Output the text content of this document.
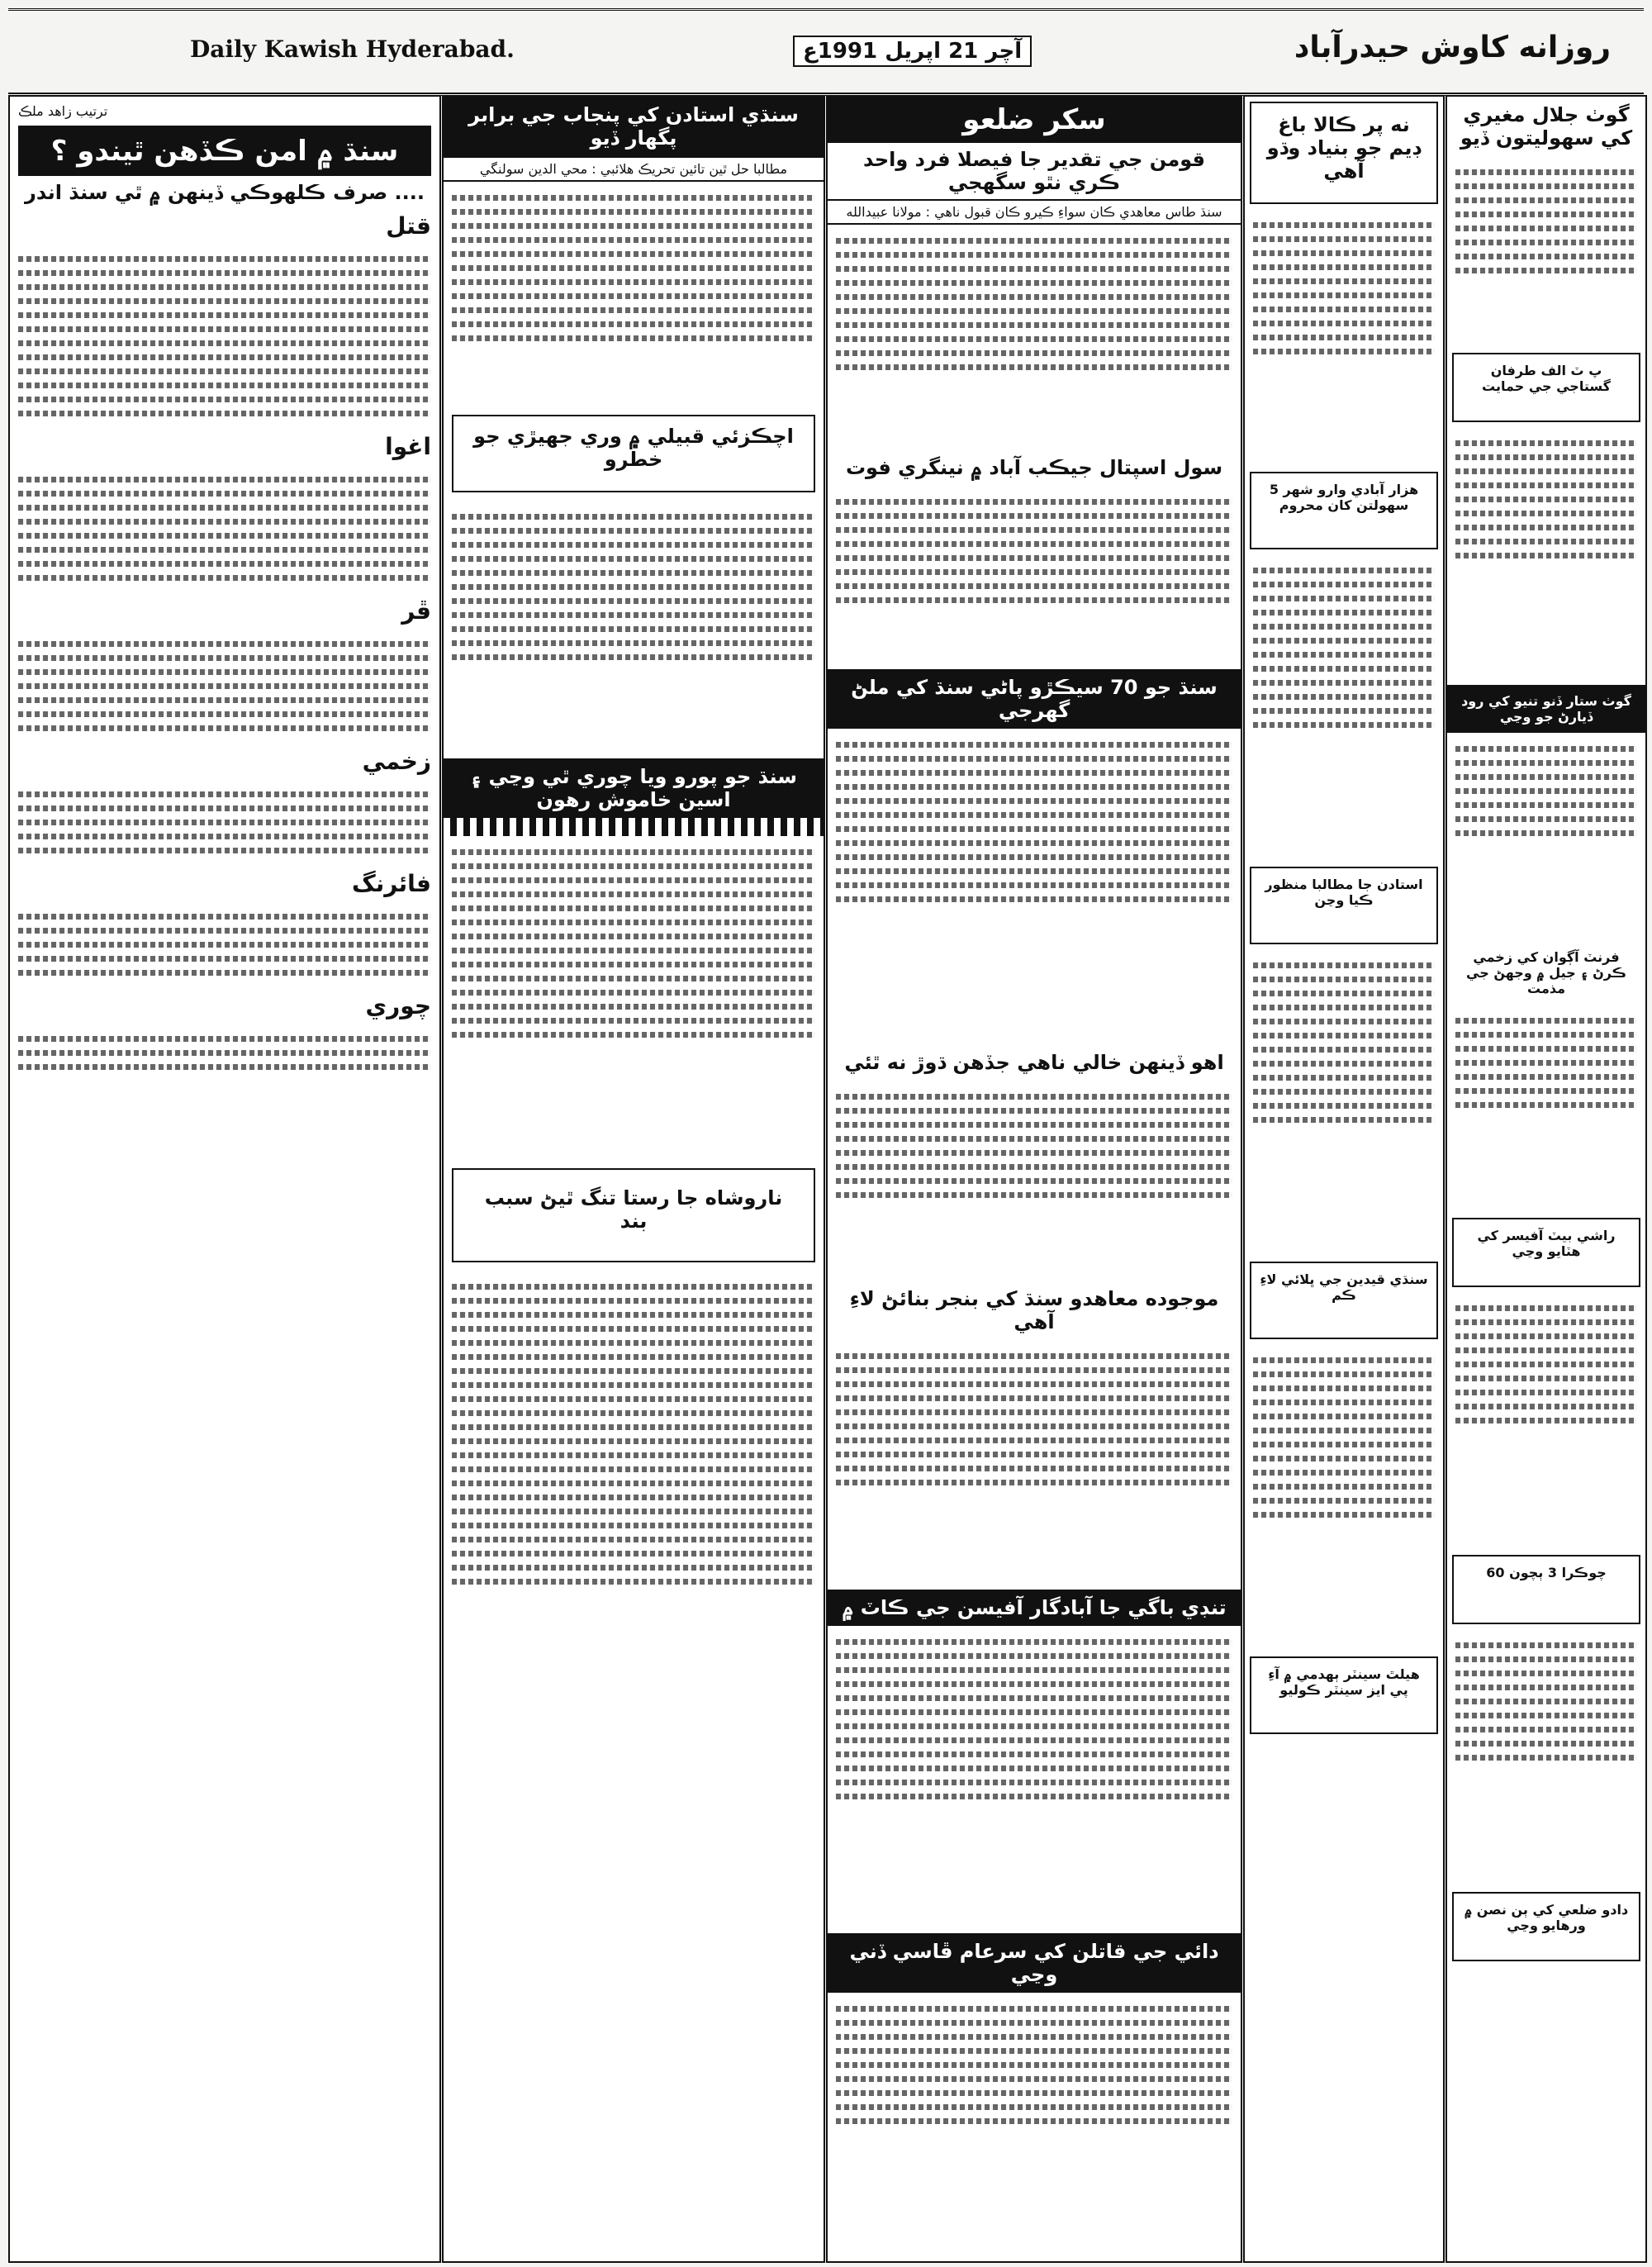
Daily Kawish Hyderabad.	آچر 21 اپريل 1991ع	روزانه کاوش حيدرآباد
ترتيب زاهد ملڪ
سنڌ ۾ امن ڪڏهن ٿيندو ؟
صرف ڪلهوڪي ڏينهن ۾ ٿي سنڌ اندر ....
قتل
اغوا
ڦر
زخمي
فائرنگ
چوري
سنڌي استادن کي پنجاب جي برابر پگهار ڏيو
مطالبا حل ٿين تائين تحريڪ هلائبي : محي الدين سولنگي
اچڪزئي قبيلي ۾ وري جهيڙي جو خطرو
سنڌ جو پورو ويا چوري ٿي وڃي ۽ اسين خاموش رهون
ناروشاه جا رستا تنگ ٿيڻ سبب بند
سکر ضلعو
قومن جي تقدير جا فيصلا فرد واحد ڪري نٿو سگهجي
سنڌ طاس معاهدي ڪان سواءِ ڪيرو ڪان قبول ناهي : مولانا عبيدالله
سول اسپتال جيڪب آباد ۾ نينگري فوت
سنڌ جو 70 سيڪڙو پاڻي سنڌ کي ملڻ گهرجي
اهو ڏينهن خالي ناهي جڏهن ڌوڙ نه ٿئي
موجوده معاهدو سنڌ کي بنجر بنائڻ لاءِ آهي
تنڊي باگي جا آبادگار آفيسن جي ڪاٽ ۾
دائي جي قاتلن کي سرعام ڦاسي ڏني وڃي
نه پر ڪالا باغ ڊيم جو بنياد وڌو آهي
5 هزار آبادي وارو شهر سهولتن کان محروم
استادن جا مطالبا منظور ڪيا وڃن
سنڌي قيدين جي ڀلائي لاءِ ڪم
هيلٿ سينٽر ٻهدمي ۾ آءِ پي ايز سينٽر ڪوليو
گوٺ جلال مغيري کي سهوليتون ڏيو
پ ٽ الف طرفان گستاجي جي حمايت
گوٺ ستار ڏنو تنيو کي رود ڏيارڻ جو وڃي
فرنٽ آڳوان کي زخمي ڪرڻ ۽ جيل ۾ وجهڻ جي مذمت
راشي بيٽ آفيسر کي هٽايو وڃي
60 چوڪرا 3 ٻچون
دادو ضلعي کي ٻن نصن ۾ ورهايو وڃي
